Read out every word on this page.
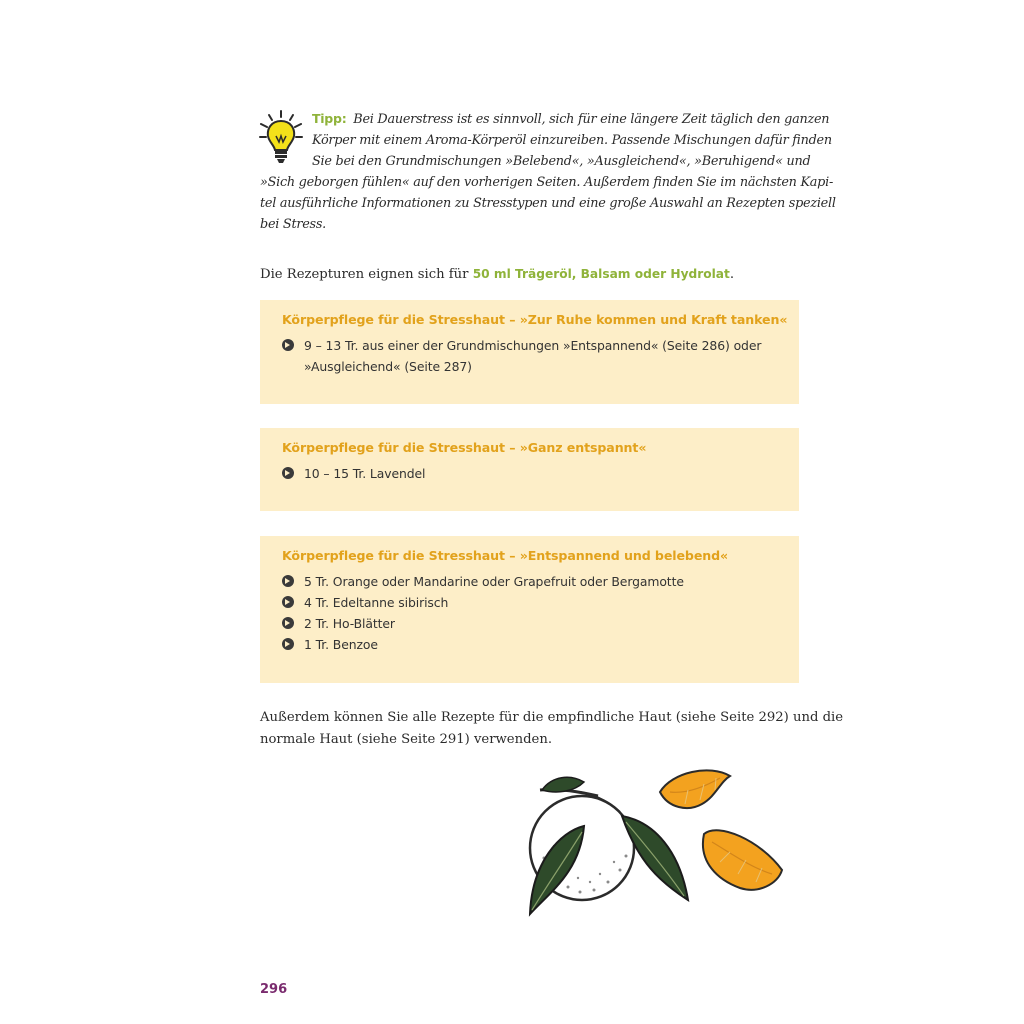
Tipp: Bei Dauerstress ist es sinnvoll, sich für eine längere Zeit täglich den ganzen
Körper mit einem Aroma-Körperöl einzureiben. Passende Mischungen dafür finden
Sie bei den Grundmischungen »Belebend«, »Ausgleichend«, »Beruhigend« und
»Sich geborgen fühlen« auf den vorherigen Seiten. Außerdem finden Sie im nächsten Kapi-
tel ausführliche Informationen zu Stresstypen und eine große Auswahl an Rezepten speziell
bei Stress.
Die Rezepturen eignen sich für 50 ml Trägeröl, Balsam oder Hydrolat.
Körperpflege für die Stresshaut – »Zur Ruhe kommen und Kraft tanken«
9 – 13 Tr. aus einer der Grundmischungen »Entspannend« (Seite 286) oder
»Ausgleichend« (Seite 287)
Körperpflege für die Stresshaut – »Ganz entspannt«
10 – 15 Tr. Lavendel
Körperpflege für die Stresshaut – »Entspannend und belebend«
5 Tr. Orange oder Mandarine oder Grapefruit oder Bergamotte
4 Tr. Edeltanne sibirisch
2 Tr. Ho-Blätter
1 Tr. Benzoe
Außerdem können Sie alle Rezepte für die empfindliche Haut (siehe Seite 292) und die
normale Haut (siehe Seite 291) verwenden.
296
